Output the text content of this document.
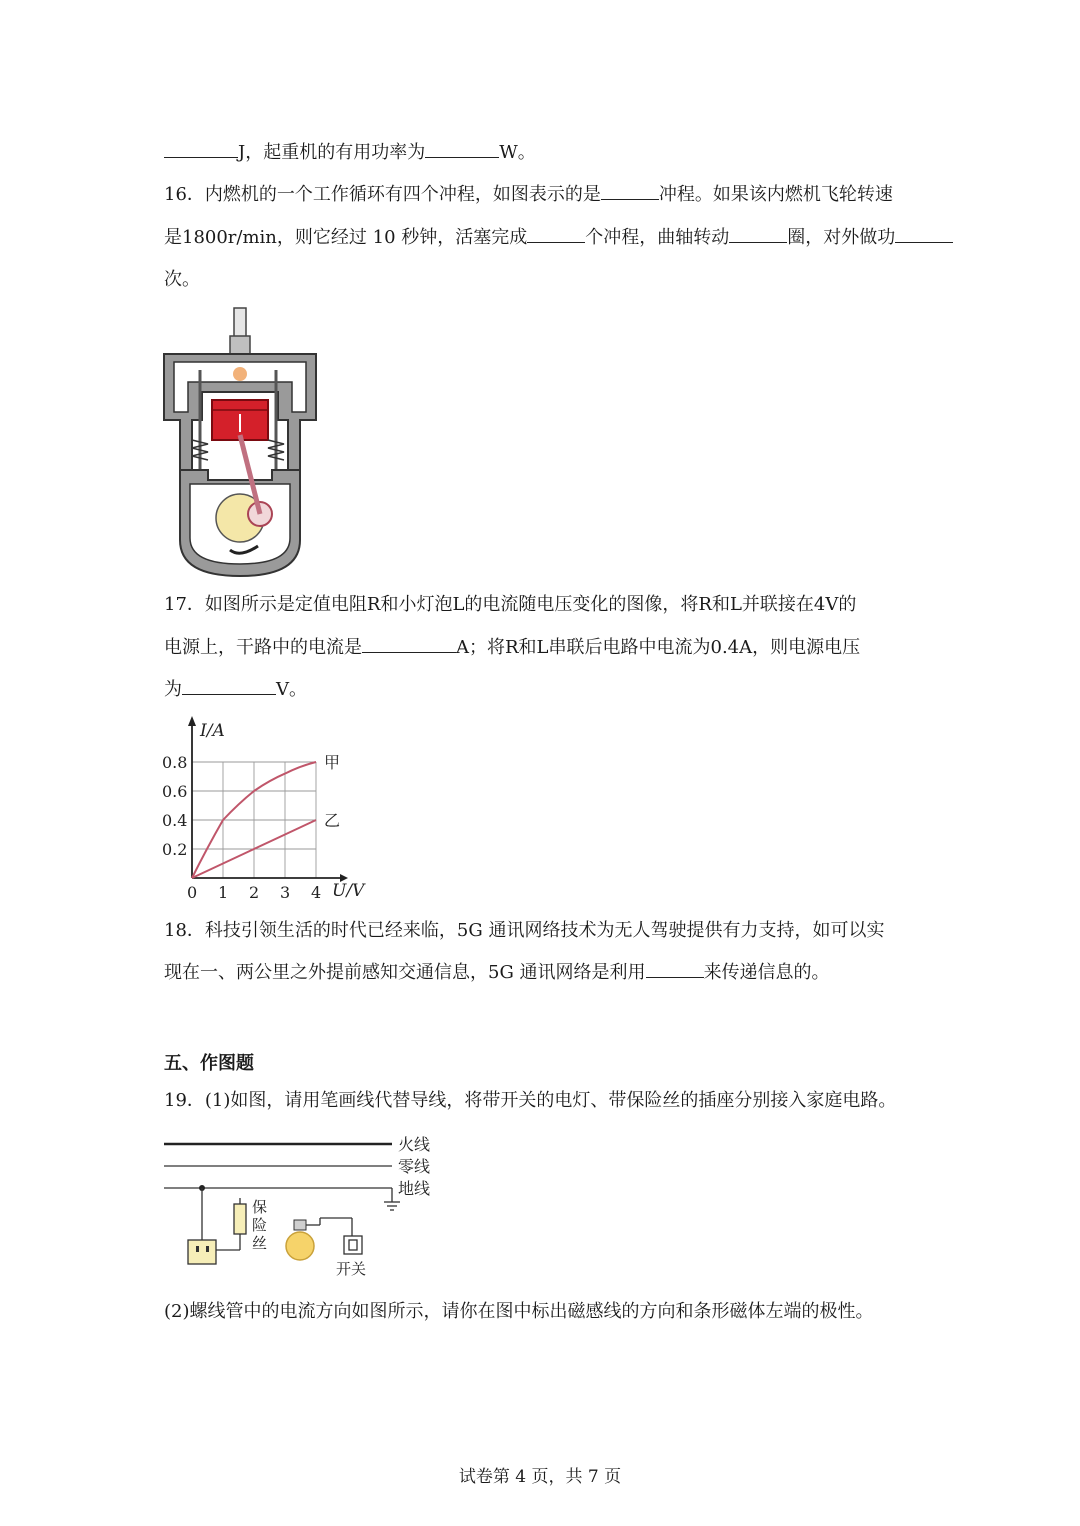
J，起重机的有用功率为	W。
16．内燃机的一个工作循环有四个冲程，如图表示的是	冲程。如果该内燃机飞轮转速
是1800r/min，则它经过 10 秒钟，活塞完成	个冲程，曲轴转动	圈，对外做功
次。
17．如图所示是定值电阻R和小灯泡L的电流随电压变化的图像，将R和L并联接在4V的
电源上，干路中的电流是	A；将R和L串联后电路中电流为0.4A，则电源电压
为	V。
0 1 2 3 4
0.8
0.6
0.4
0.2
甲
乙
I/A
U/V
18．科技引领生活的时代已经来临，5G 通讯网络技术为无人驾驶提供有力支持，如可以实
现在一、两公里之外提前感知交通信息，5G 通讯网络是利用	来传递信息的。
五、作图题
19．(1)如图，请用笔画线代替导线，将带开关的电灯、带保险丝的插座分别接入家庭电路。
火线
零线
地线
保
险
丝
开关
(2)螺线管中的电流方向如图所示，请你在图中标出磁感线的方向和条形磁体左端的极性。
试卷第 4 页，共 7 页
